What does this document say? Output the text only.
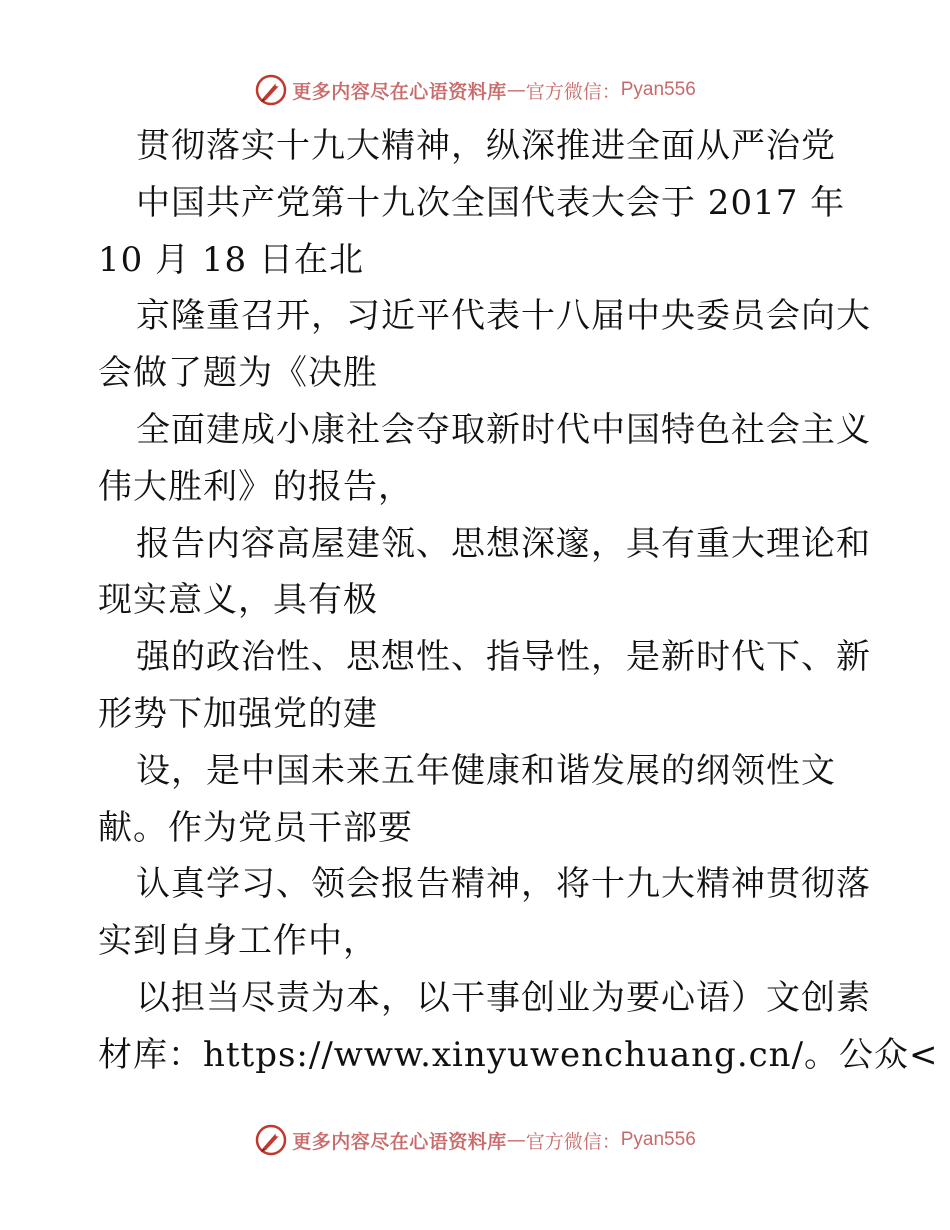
更多内容尽在心语资料库 — 官方微信： Pyan556
贯彻落实十九大精神，纵深推进全面从严治党
中国共产党第十九次全国代表大会于 2017 年
10 月 18 日在北
京隆重召开，习近平代表十八届中央委员会向大
会做了题为《决胜
全面建成小康社会夺取新时代中国特色社会主义
伟大胜利》的报告，
报告内容高屋建瓴、思想深邃，具有重大理论和
现实意义，具有极
强的政治性、思想性、指导性，是新时代下、新
形势下加强党的建
设，是中国未来五年健康和谐发展的纲领性文
献。作为党员干部要
认真学习、领会报告精神，将十九大精神贯彻落
实到自身工作中，
以担当尽责为本，以干事创业为要心语）文创素
材库：https://www.xinyuwenchuang.cn/。公众<
更多内容尽在心语资料库 — 官方微信： Pyan556
